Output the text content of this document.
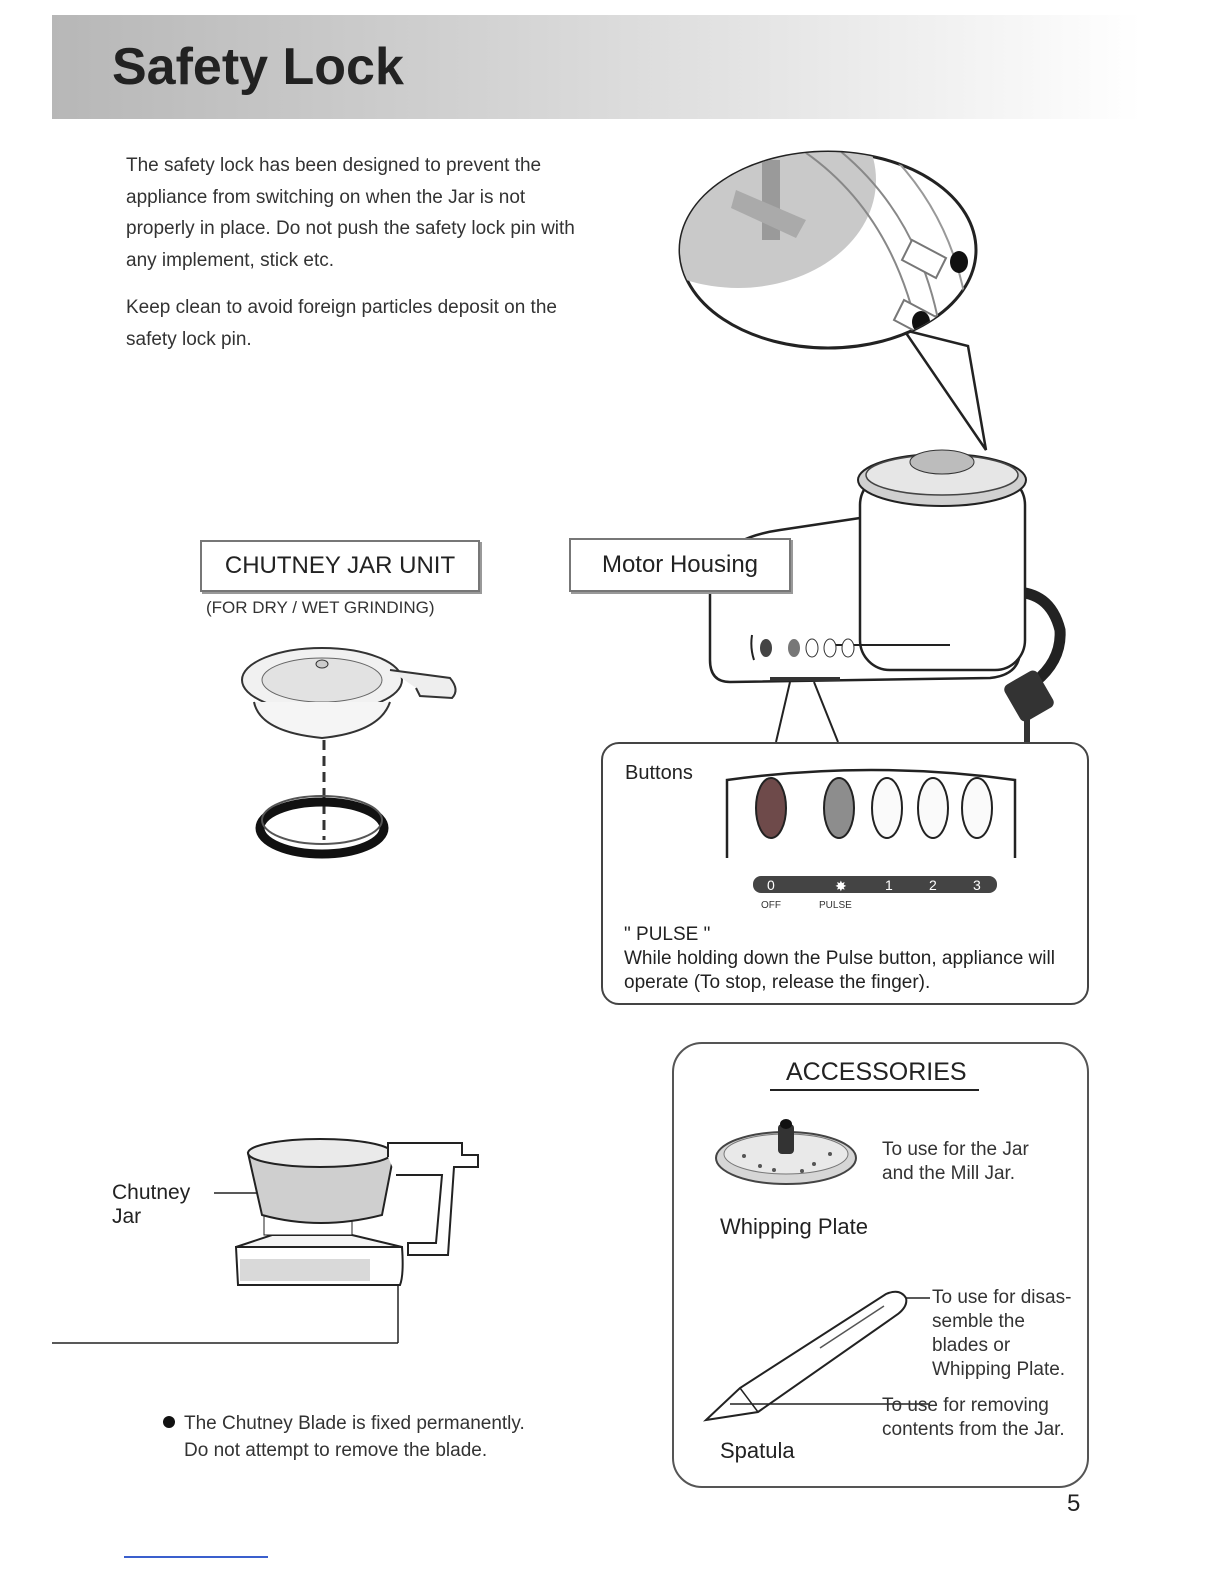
Safety Lock

The safety lock has been designed to prevent the appliance from switching on when the Jar is not properly in place. Do not push the safety lock pin with any implement, stick etc.

Keep clean to avoid foreign particles deposit on the safety lock pin.

Motor Housing
CHUTNEY JAR UNIT
(FOR DRY / WET GRINDING)
Buttons
0	✸	1	2	3
OFF	PULSE
" PULSE "
While holding down the Pulse button, appliance will operate (To stop, release the finger).
ACCESSORIES
To use for the Jar
and the Mill Jar.
Whipping Plate
To use for disas-
semble the
blades or
Whipping Plate.
To use for removing
contents from the Jar.
Spatula
Chutney
Jar
The Chutney Blade is fixed permanently.
Do not attempt to remove the blade.
5
